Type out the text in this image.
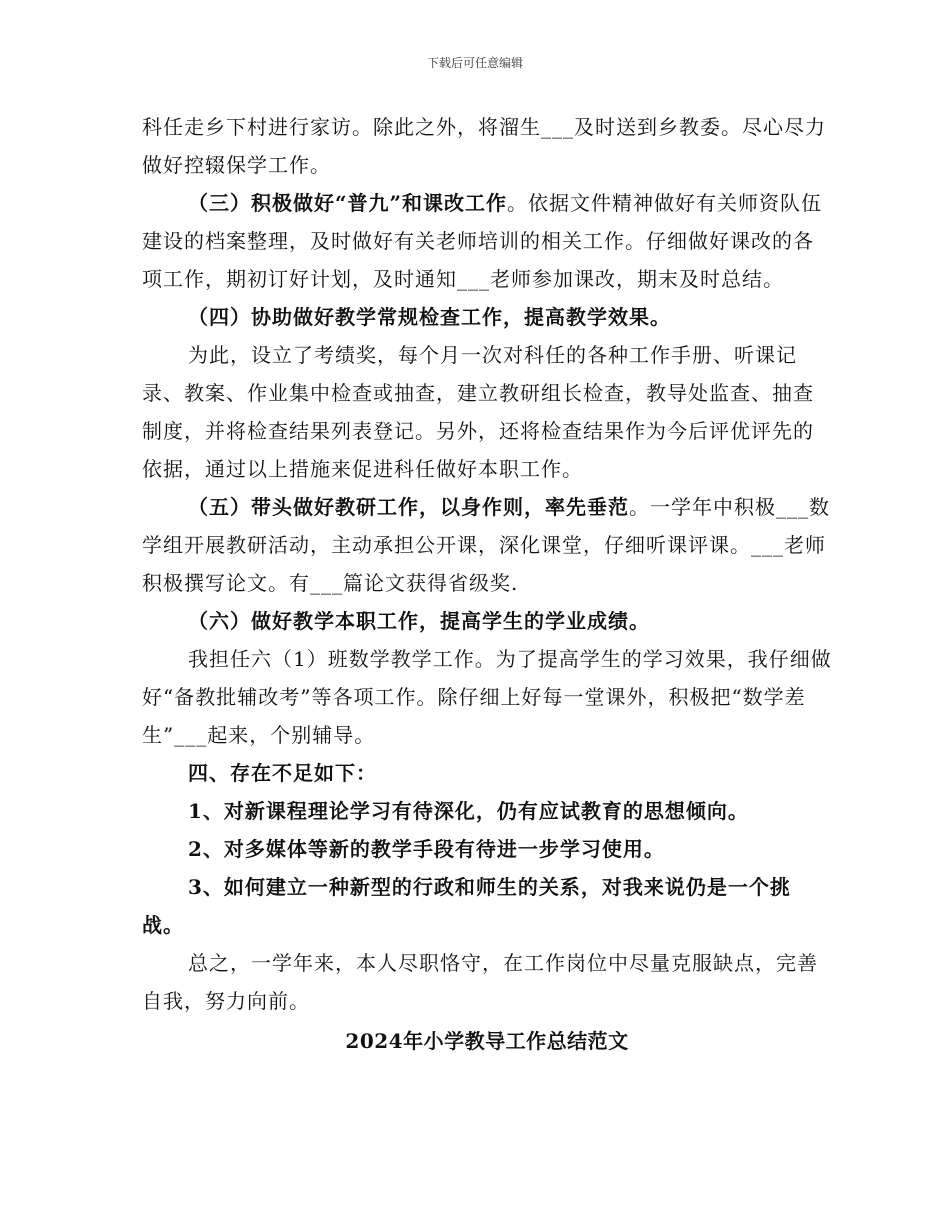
下载后可任意编辑

科任走乡下村进行家访。除此之外，将溜生___及时送到乡教委。尽心尽力做好控辍保学工作。

（三）积极做好“普九”和课改工作。依据文件精神做好有关师资队伍建设的档案整理，及时做好有关老师培训的相关工作。仔细做好课改的各项工作，期初订好计划，及时通知___老师参加课改，期末及时总结。

（四）协助做好教学常规检查工作，提高教学效果。

为此，设立了考绩奖，每个月一次对科任的各种工作手册、听课记录、教案、作业集中检查或抽查，建立教研组长检查，教导处监查、抽查制度，并将检查结果列表登记。另外，还将检查结果作为今后评优评先的依据，通过以上措施来促进科任做好本职工作。

（五）带头做好教研工作，以身作则，率先垂范。一学年中积极___数学组开展教研活动，主动承担公开课，深化课堂，仔细听课评课。___老师积极撰写论文。有___篇论文获得省级奖.

（六）做好教学本职工作，提高学生的学业成绩。

我担任六（1）班数学教学工作。为了提高学生的学习效果，我仔细做好“备教批辅改考”等各项工作。除仔细上好每一堂课外，积极把“数学差生”___起来，个别辅导。

四、存在不足如下：

1、对新课程理论学习有待深化，仍有应试教育的思想倾向。

2、对多媒体等新的教学手段有待进一步学习使用。

3、如何建立一种新型的行政和师生的关系，对我来说仍是一个挑战。

总之，一学年来，本人尽职恪守，在工作岗位中尽量克服缺点，完善自我，努力向前。

2024年小学教导工作总结范文
